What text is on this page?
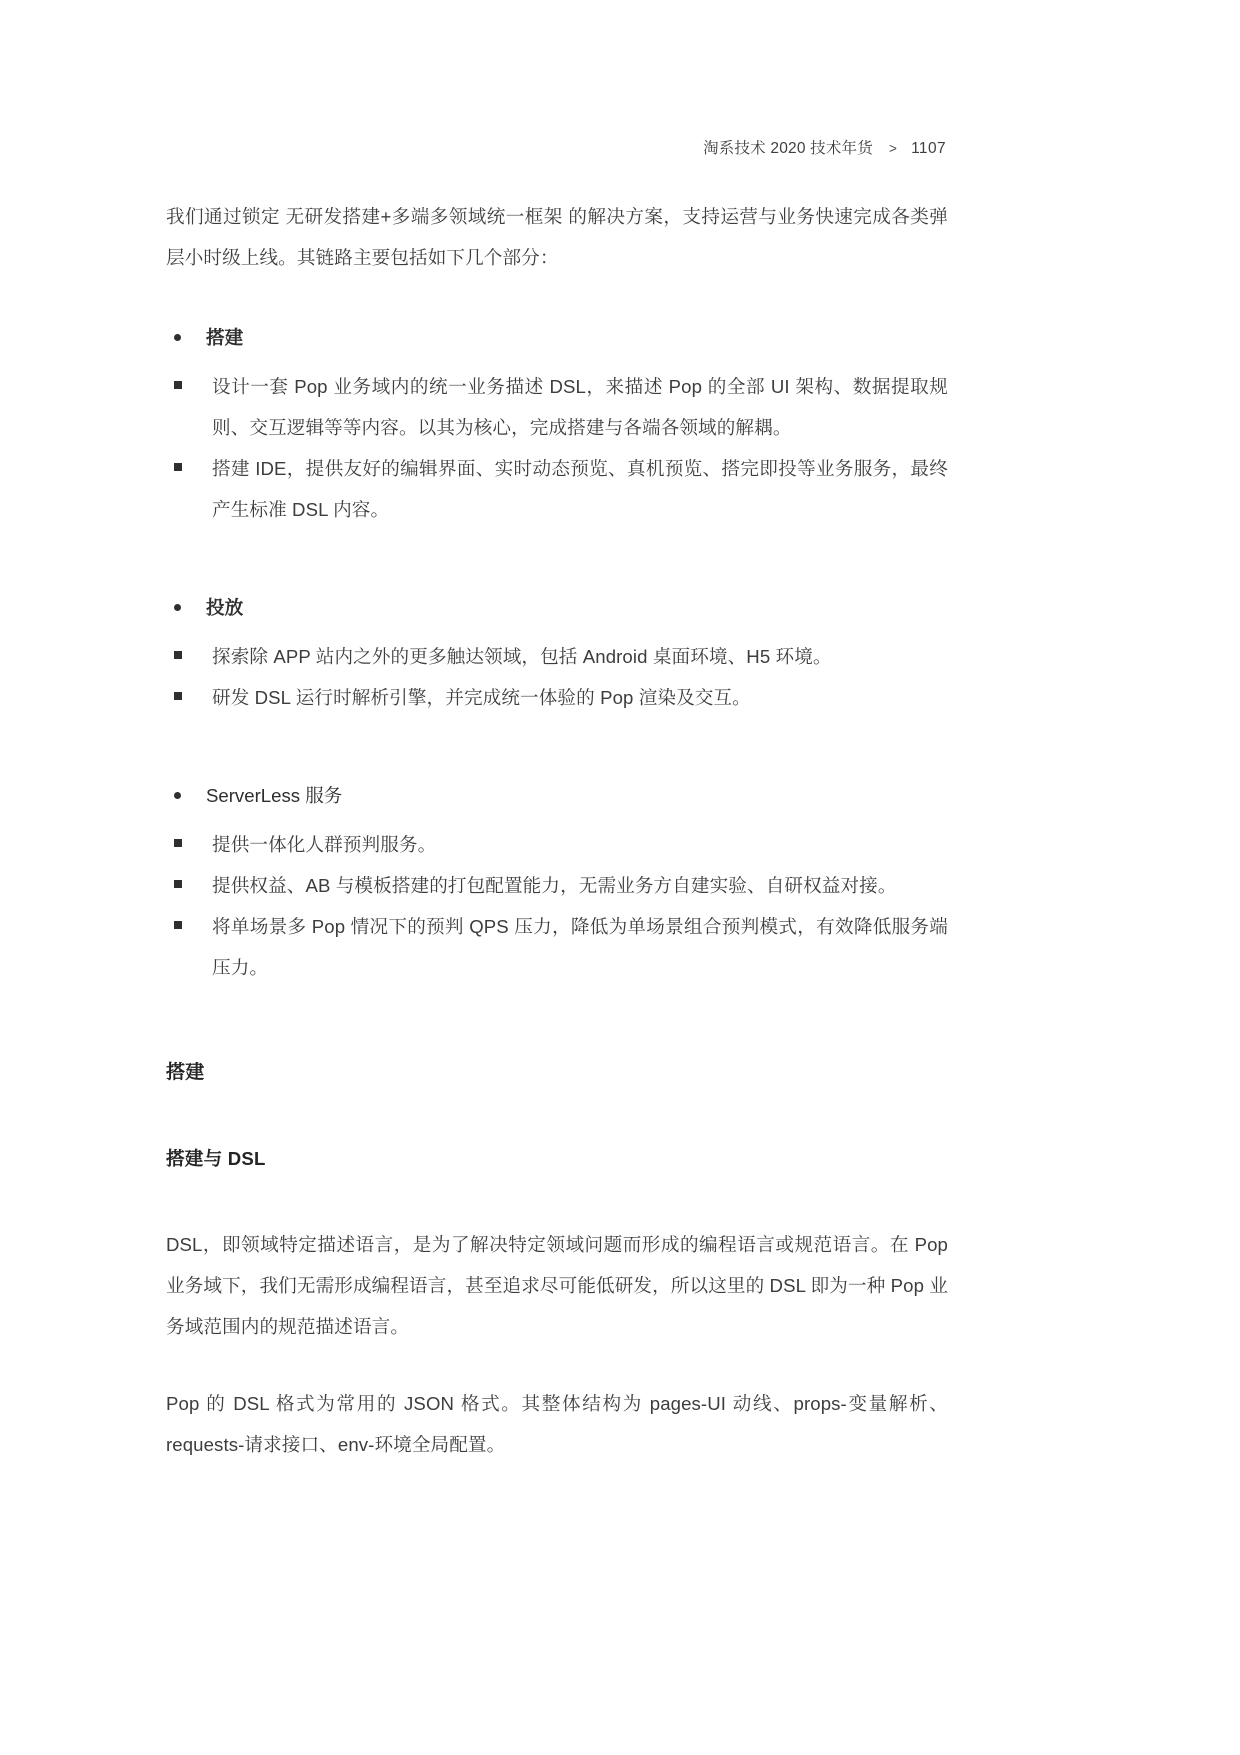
淘系技术 2020 技术年货 > 1107

我们通过锁定 无研发搭建+多端多领域统一框架 的解决方案，支持运营与业务快速完成各类弹层小时级上线。其链路主要包括如下几个部分：

搭建
设计一套 Pop 业务域内的统一业务描述 DSL，来描述 Pop 的全部 UI 架构、数据提取规则、交互逻辑等等内容。以其为核心，完成搭建与各端各领域的解耦。
搭建 IDE，提供友好的编辑界面、实时动态预览、真机预览、搭完即投等业务服务，最终产生标准 DSL 内容。
投放
探索除 APP 站内之外的更多触达领域，包括 Android 桌面环境、H5 环境。
研发 DSL 运行时解析引擎，并完成统一体验的 Pop 渲染及交互。
ServerLess 服务
提供一体化人群预判服务。
提供权益、AB 与模板搭建的打包配置能力，无需业务方自建实验、自研权益对接。
将单场景多 Pop 情况下的预判 QPS 压力，降低为单场景组合预判模式，有效降低服务端压力。
搭建
搭建与 DSL

DSL，即领域特定描述语言，是为了解决特定领域问题而形成的编程语言或规范语言。在 Pop 业务域下，我们无需形成编程语言，甚至追求尽可能低研发，所以这里的 DSL 即为一种 Pop 业务域范围内的规范描述语言。

Pop 的 DSL 格式为常用的 JSON 格式。其整体结构为 pages-UI 动线、props-变量解析、requests-请求接口、env-环境全局配置。
